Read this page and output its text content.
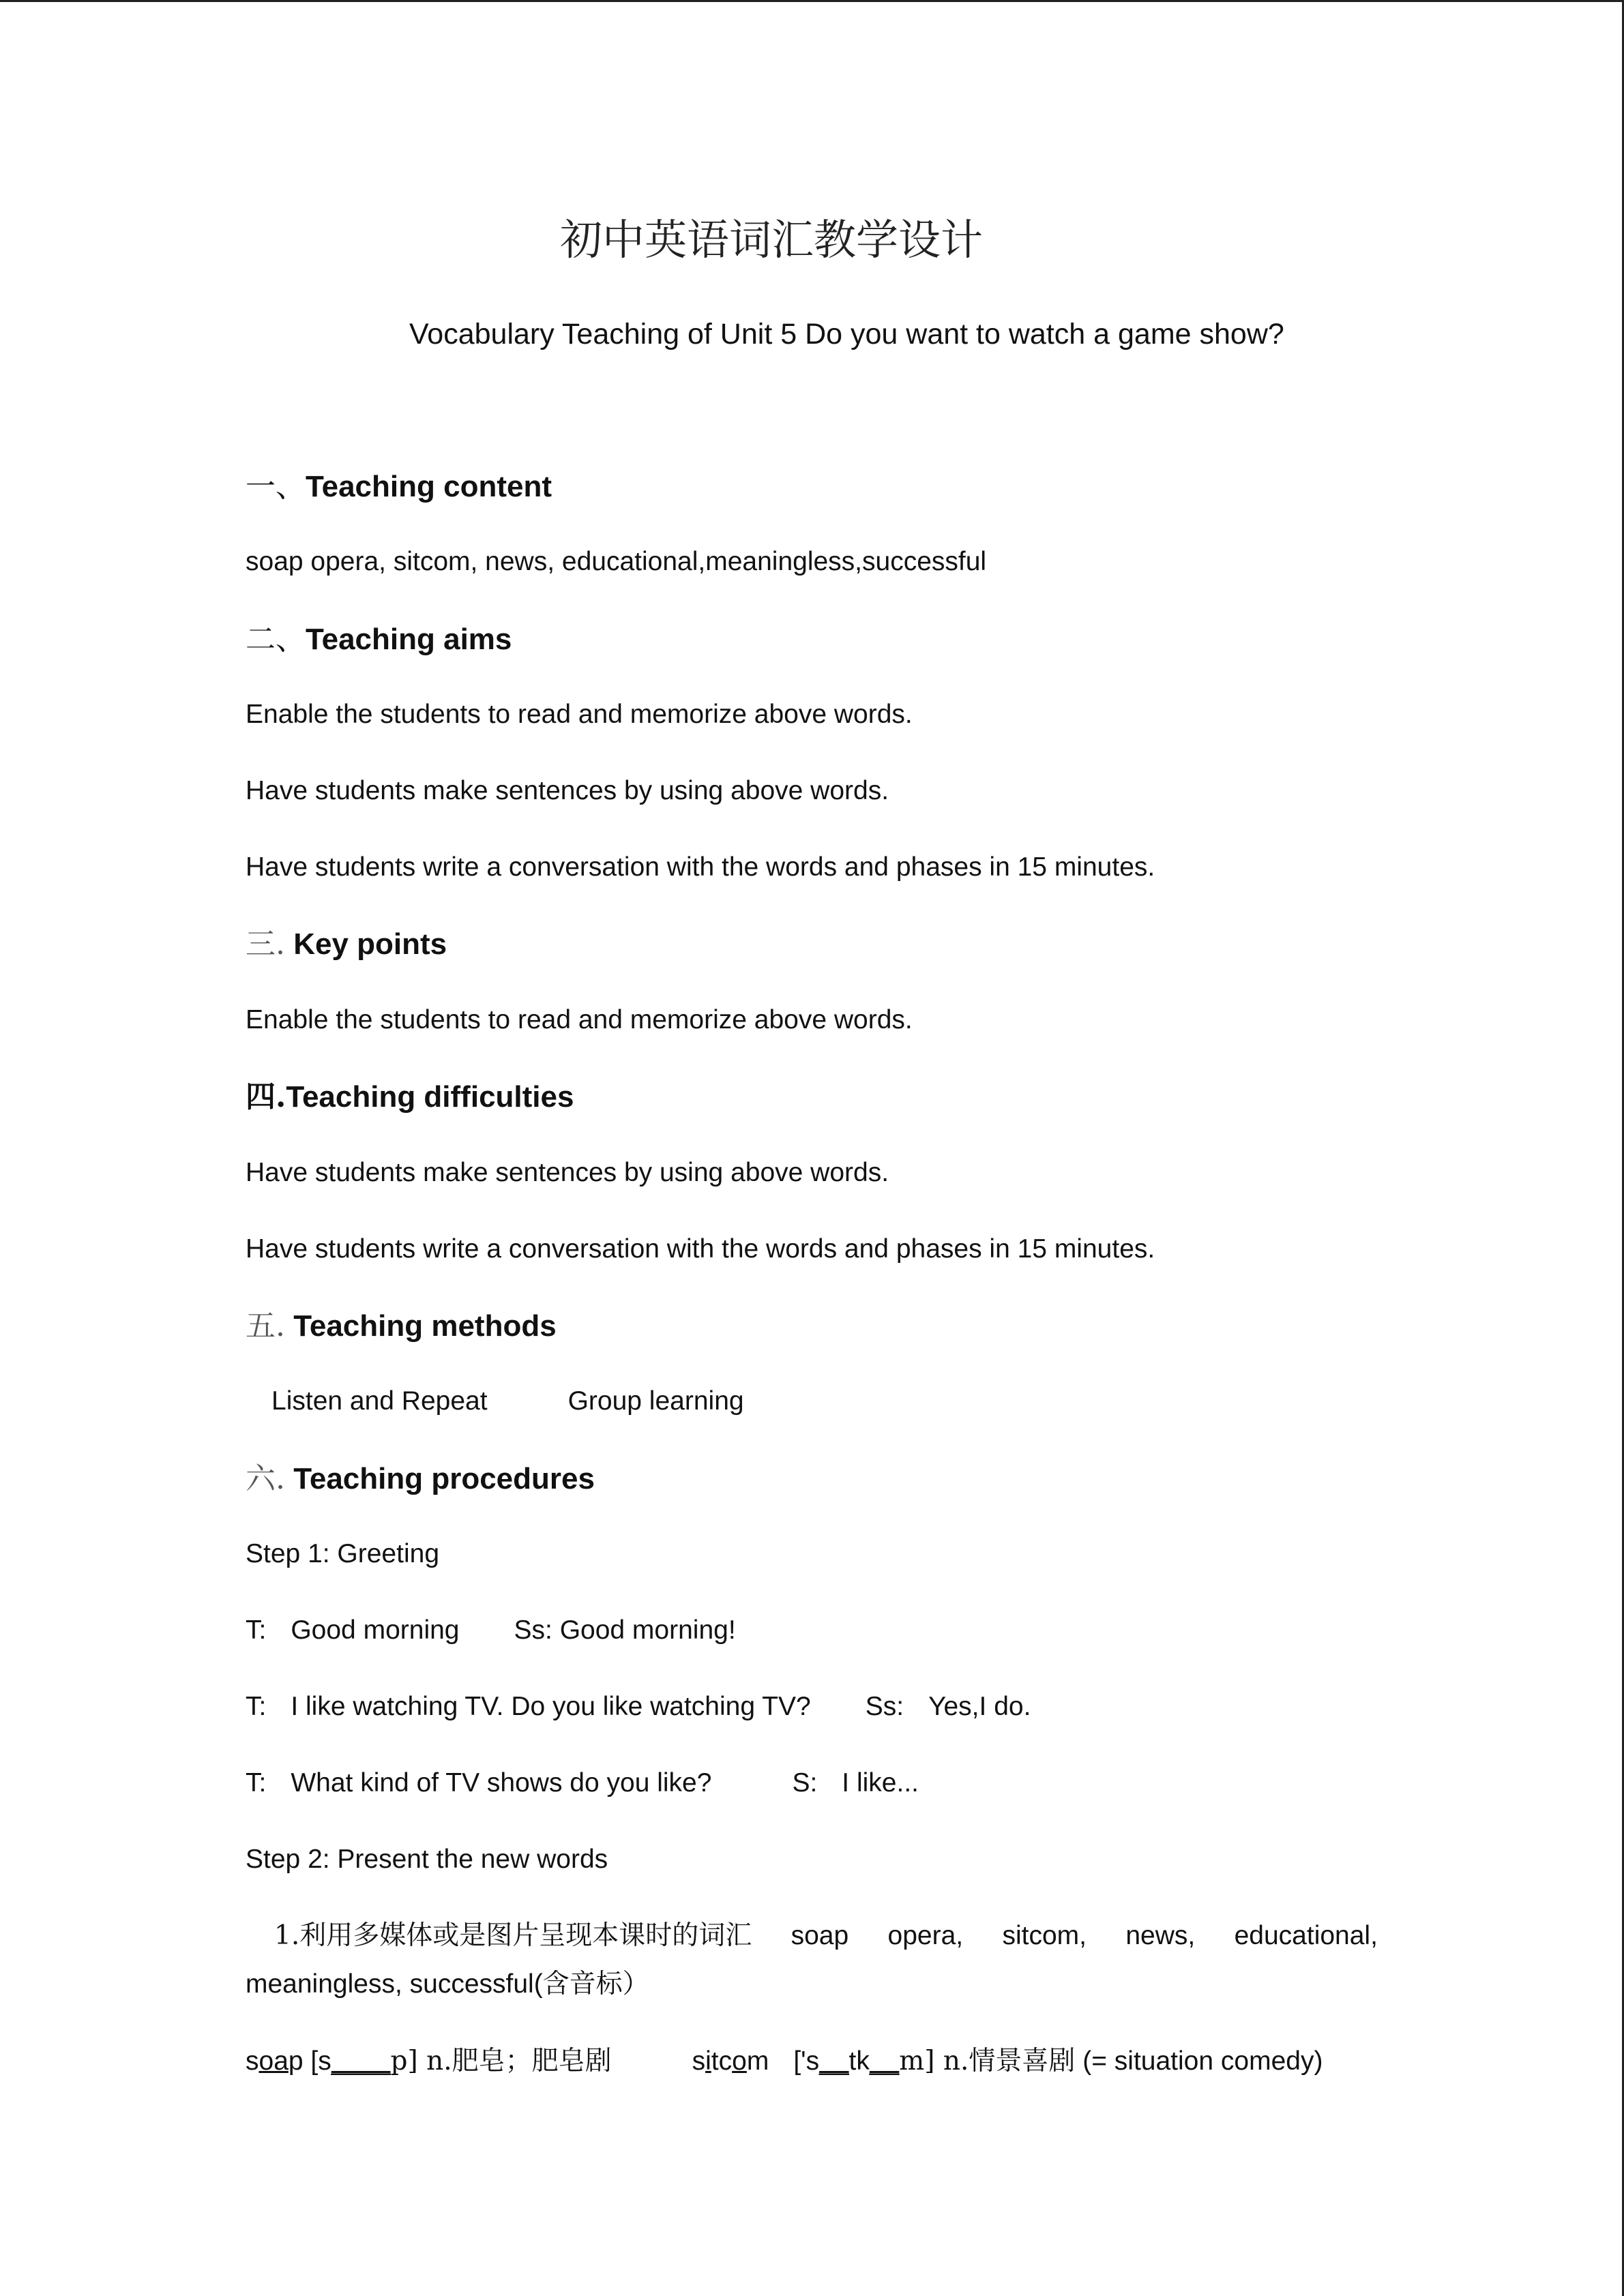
初中英语词汇教学设计
Vocabulary Teaching of Unit 5 Do you want to watch a game show?
一、Teaching content
soap opera, sitcom, news, educational,meaningless,successful
二、Teaching aims
Enable the students to read and memorize above words.
Have students make sentences by using above words.
Have students write a conversation with the words and phases in 15 minutes.
三. Key points
Enable the students to read and memorize above words.
四.Teaching difficulties
Have students make sentences by using above words.
Have students write a conversation with the words and phases in 15 minutes.
五. Teaching methods
Listen and Repeat	Group learning
六. Teaching procedures
Step 1: Greeting
T: Good morning Ss: Good morning!
T: I like watching TV. Do you like watching TV? Ss: Yes,I do.
T: What kind of TV shows do you like?	S: I like...
Step 2: Present the new words
1.利用多媒体或是图片呈现本课时的词汇 soap opera, sitcom, news, educational,
meaningless, successful(含音标）
soap [s____p] n.肥皂；肥皂剧	sitcom ['s__tk__m] n.情景喜剧 (= situation comedy)
